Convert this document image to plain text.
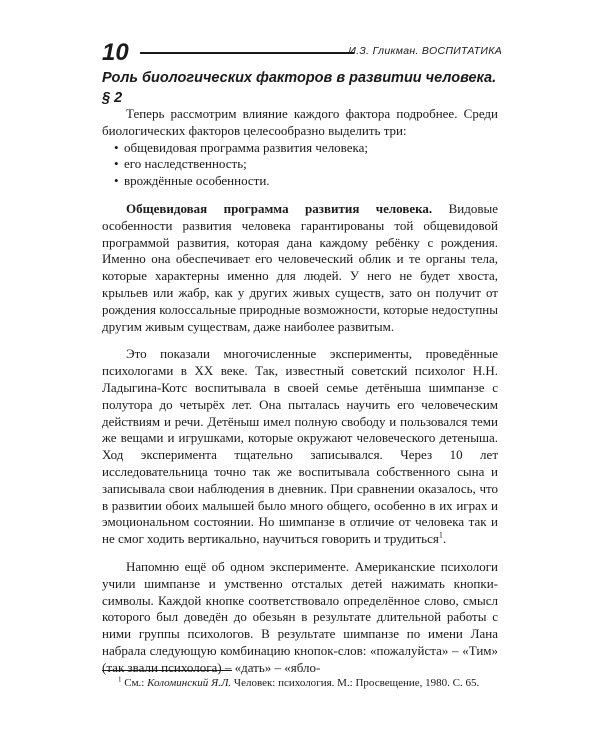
10	И.З. Гликман. ВОСПИТАТИКА
Роль биологических факторов в развитии человека. § 2

Теперь рассмотрим влияние каждого фактора подробнее. Среди биологических факторов целесообразно выделить три:

• общевидовая программа развития человека;
• его наследственность;
• врождённые особенности.

Общевидовая программа развития человека. Видовые особенности развития человека гарантированы той общевидовой программой развития, которая дана каждому ребёнку с рождения. Именно она обеспечивает его человеческий облик и те органы тела, которые характерны именно для людей. У него не будет хвоста, крыльев или жабр, как у других живых существ, зато он получит от рождения колоссальные природные возможности, которые недоступны другим живым существам, даже наиболее развитым.

Это показали многочисленные эксперименты, проведённые психологами в XX веке. Так, известный советский психолог Н.Н. Ладыгина-Котс воспитывала в своей семье детёныша шимпанзе с полутора до четырёх лет. Она пыталась научить его человеческим действиям и речи. Детёныш имел полную свободу и пользовался теми же вещами и игрушками, которые окружают человеческого детеныша. Ход эксперимента тщательно записывался. Через 10 лет исследовательница точно так же воспитывала собственного сына и записывала свои наблюдения в дневник. При сравнении оказалось, что в развитии обоих малышей было много общего, особенно в их играх и эмоциональном состоянии. Но шимпанзе в отличие от человека так и не смог ходить вертикально, научиться говорить и трудиться$^1$.

Напомню ещё об одном эксперименте. Американские психологи учили шимпанзе и умственно отсталых детей нажимать кнопки-символы. Каждой кнопке соответствовало определённое слово, смысл которого был доведён до обезьян в результате длительной работы с ними группы психологов. В результате шимпанзе по имени Лана набрала следующую комбинацию кнопок-слов: «пожалуйста» – «Тим» (так звали психолога) – «дать» – «ябло-

$^1$ См.: Коломинский Я.Л. Человек: психология. М.: Просвещение, 1980. С. 65.
